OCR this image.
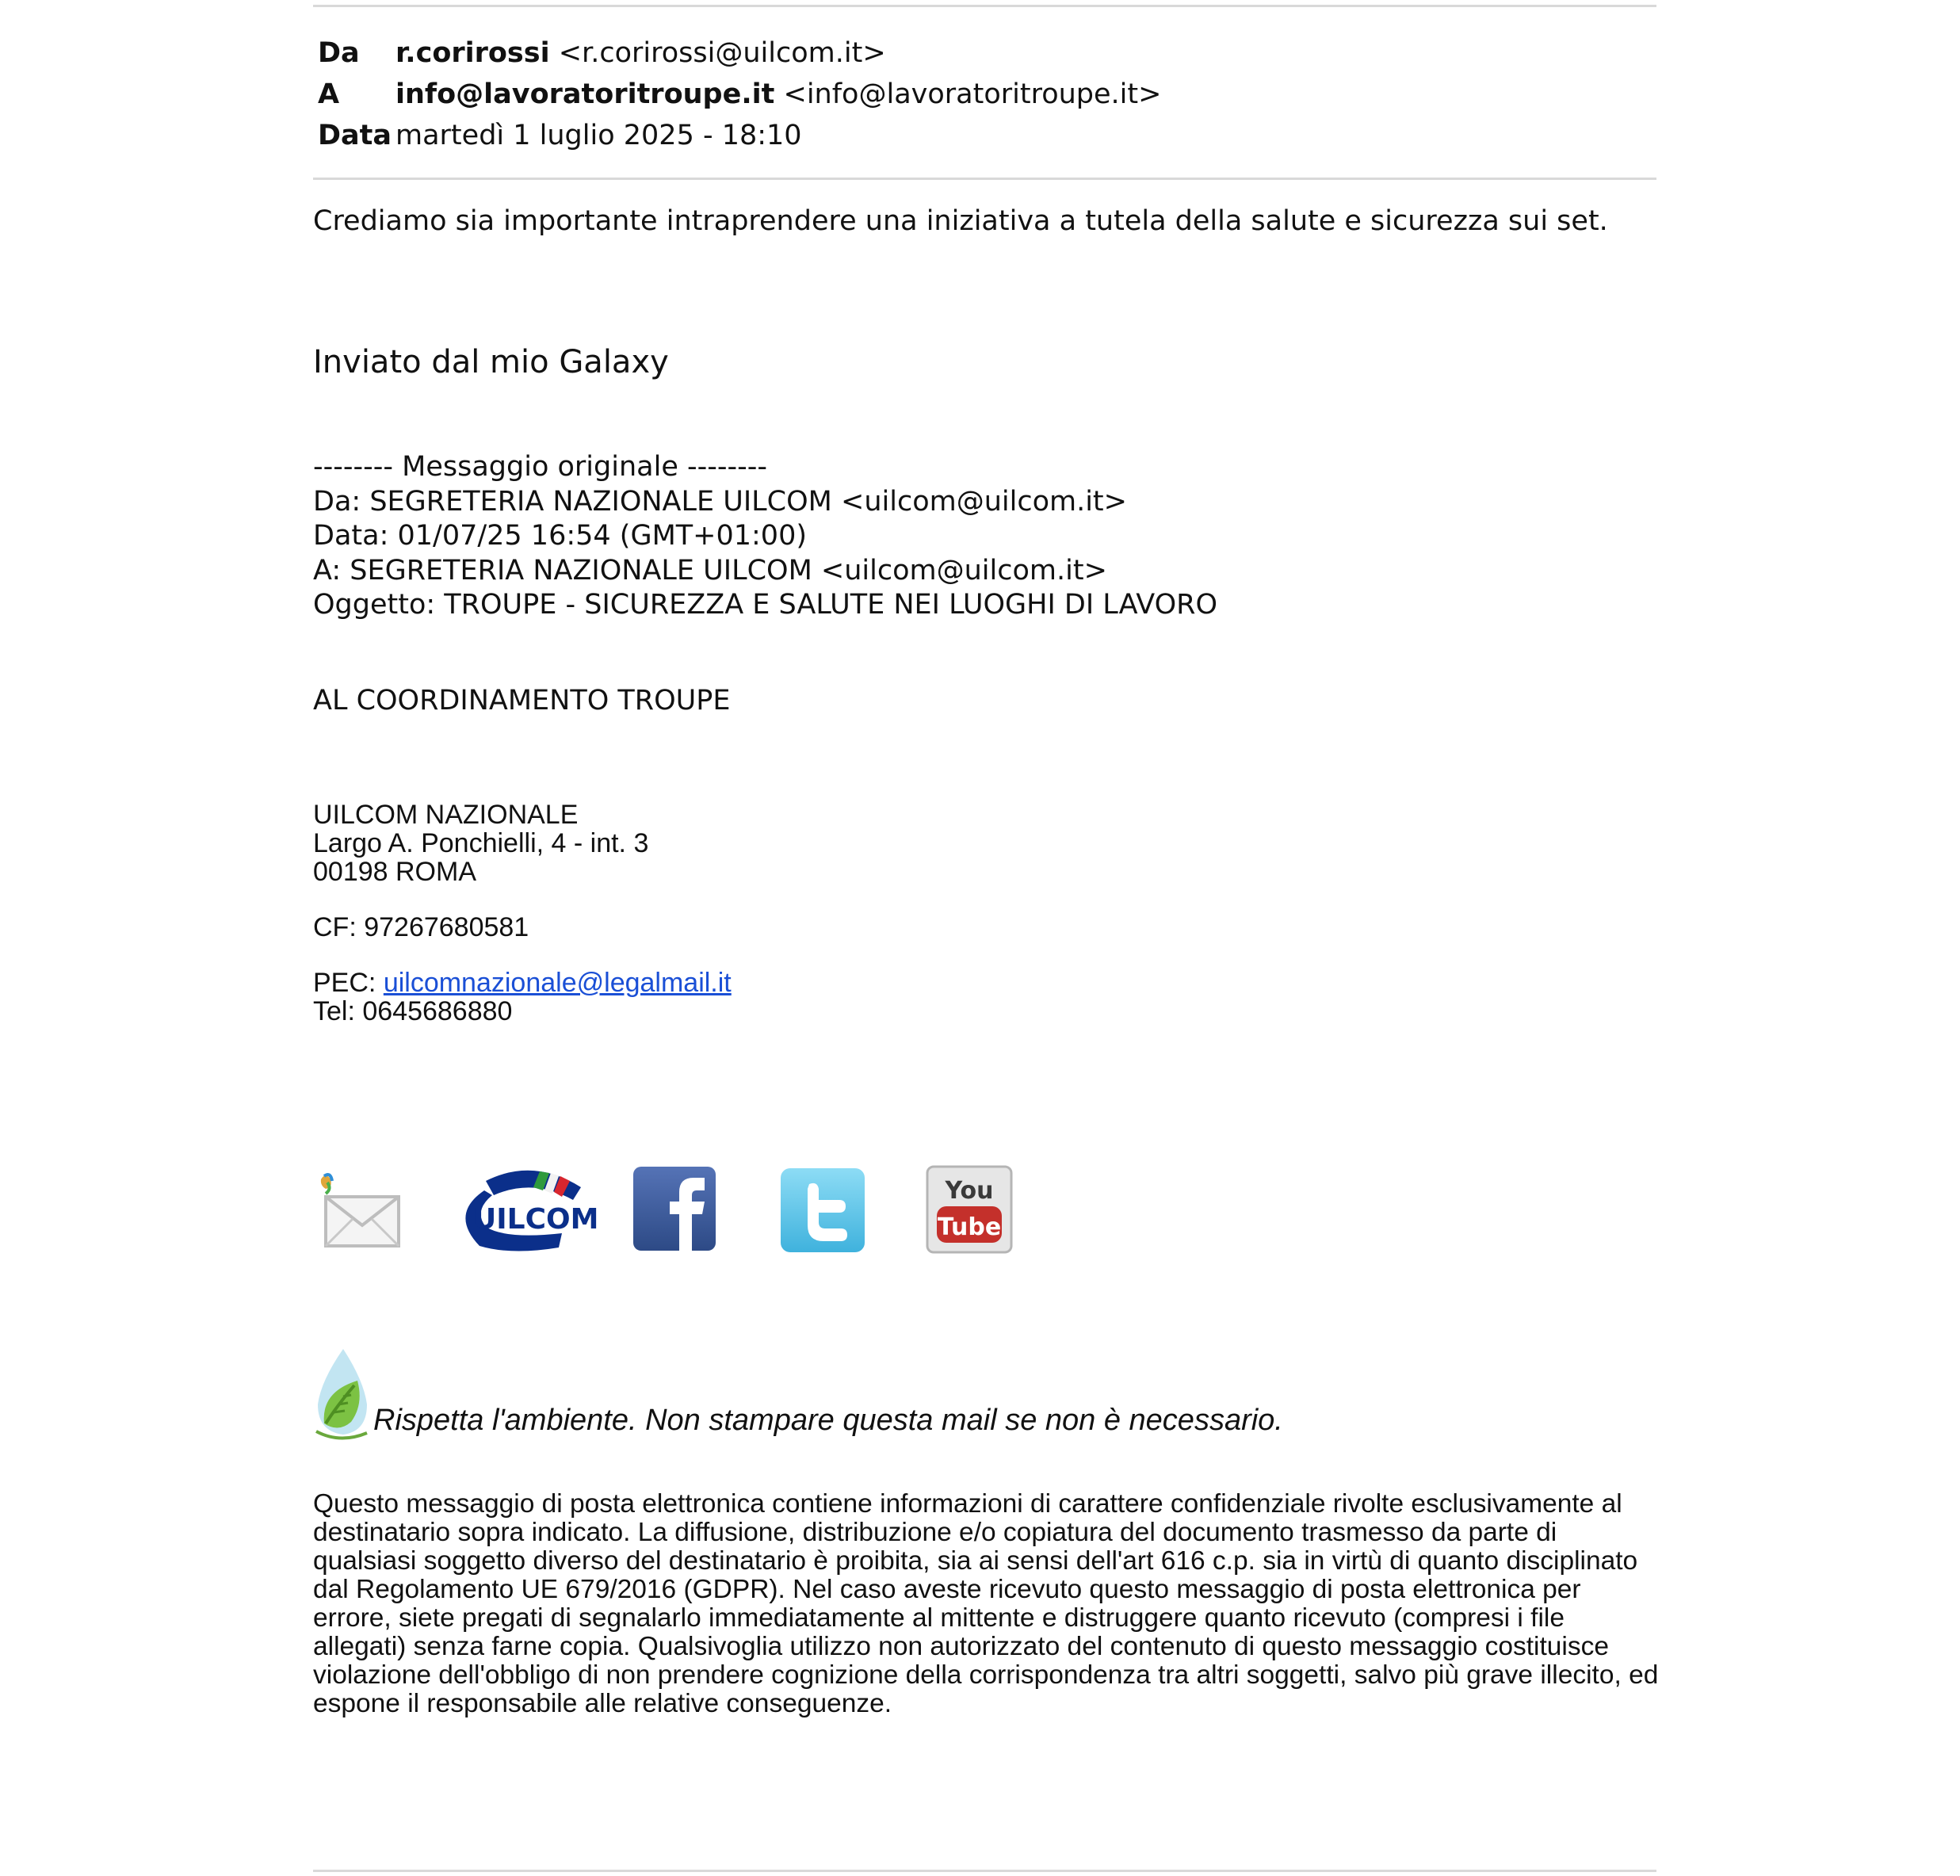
Da r.corirossi <r.corirossi@uilcom.it>
A info@lavoratoritroupe.it <info@lavoratoritroupe.it>
Data martedì 1 luglio 2025 - 18:10
Crediamo sia importante intraprendere una iniziativa a tutela della salute e sicurezza sui set.
Inviato dal mio Galaxy
-------- Messaggio originale --------
Da: SEGRETERIA NAZIONALE UILCOM <uilcom@uilcom.it>
Data: 01/07/25 16:54 (GMT+01:00)
A: SEGRETERIA NAZIONALE UILCOM <uilcom@uilcom.it>
Oggetto: TROUPE - SICUREZZA E SALUTE NEI LUOGHI DI LAVORO
AL COORDINAMENTO TROUPE
UILCOM NAZIONALE
Largo A. Ponchielli, 4 - int. 3
00198 ROMA
CF: 97267680581
PEC: uilcomnazionale@legalmail.it
Tel: 0645686880
UILCOM
You
Tube
Rispetta l'ambiente. Non stampare questa mail se non è necessario.
Questo messaggio di posta elettronica contiene informazioni di carattere confidenziale rivolte esclusivamente al destinatario sopra indicato. La diffusione, distribuzione e/o copiatura del documento trasmesso da parte di qualsiasi soggetto diverso del destinatario è proibita, sia ai sensi dell'art 616 c.p. sia in virtù di quanto disciplinato dal Regolamento UE 679/2016 (GDPR). Nel caso aveste ricevuto questo messaggio di posta elettronica per errore, siete pregati di segnalarlo immediatamente al mittente e distruggere quanto ricevuto (compresi i file allegati) senza farne copia. Qualsivoglia utilizzo non autorizzato del contenuto di questo messaggio costituisce violazione dell'obbligo di non prendere cognizione della corrispondenza tra altri soggetti, salvo più grave illecito, ed espone il responsabile alle relative conseguenze.
